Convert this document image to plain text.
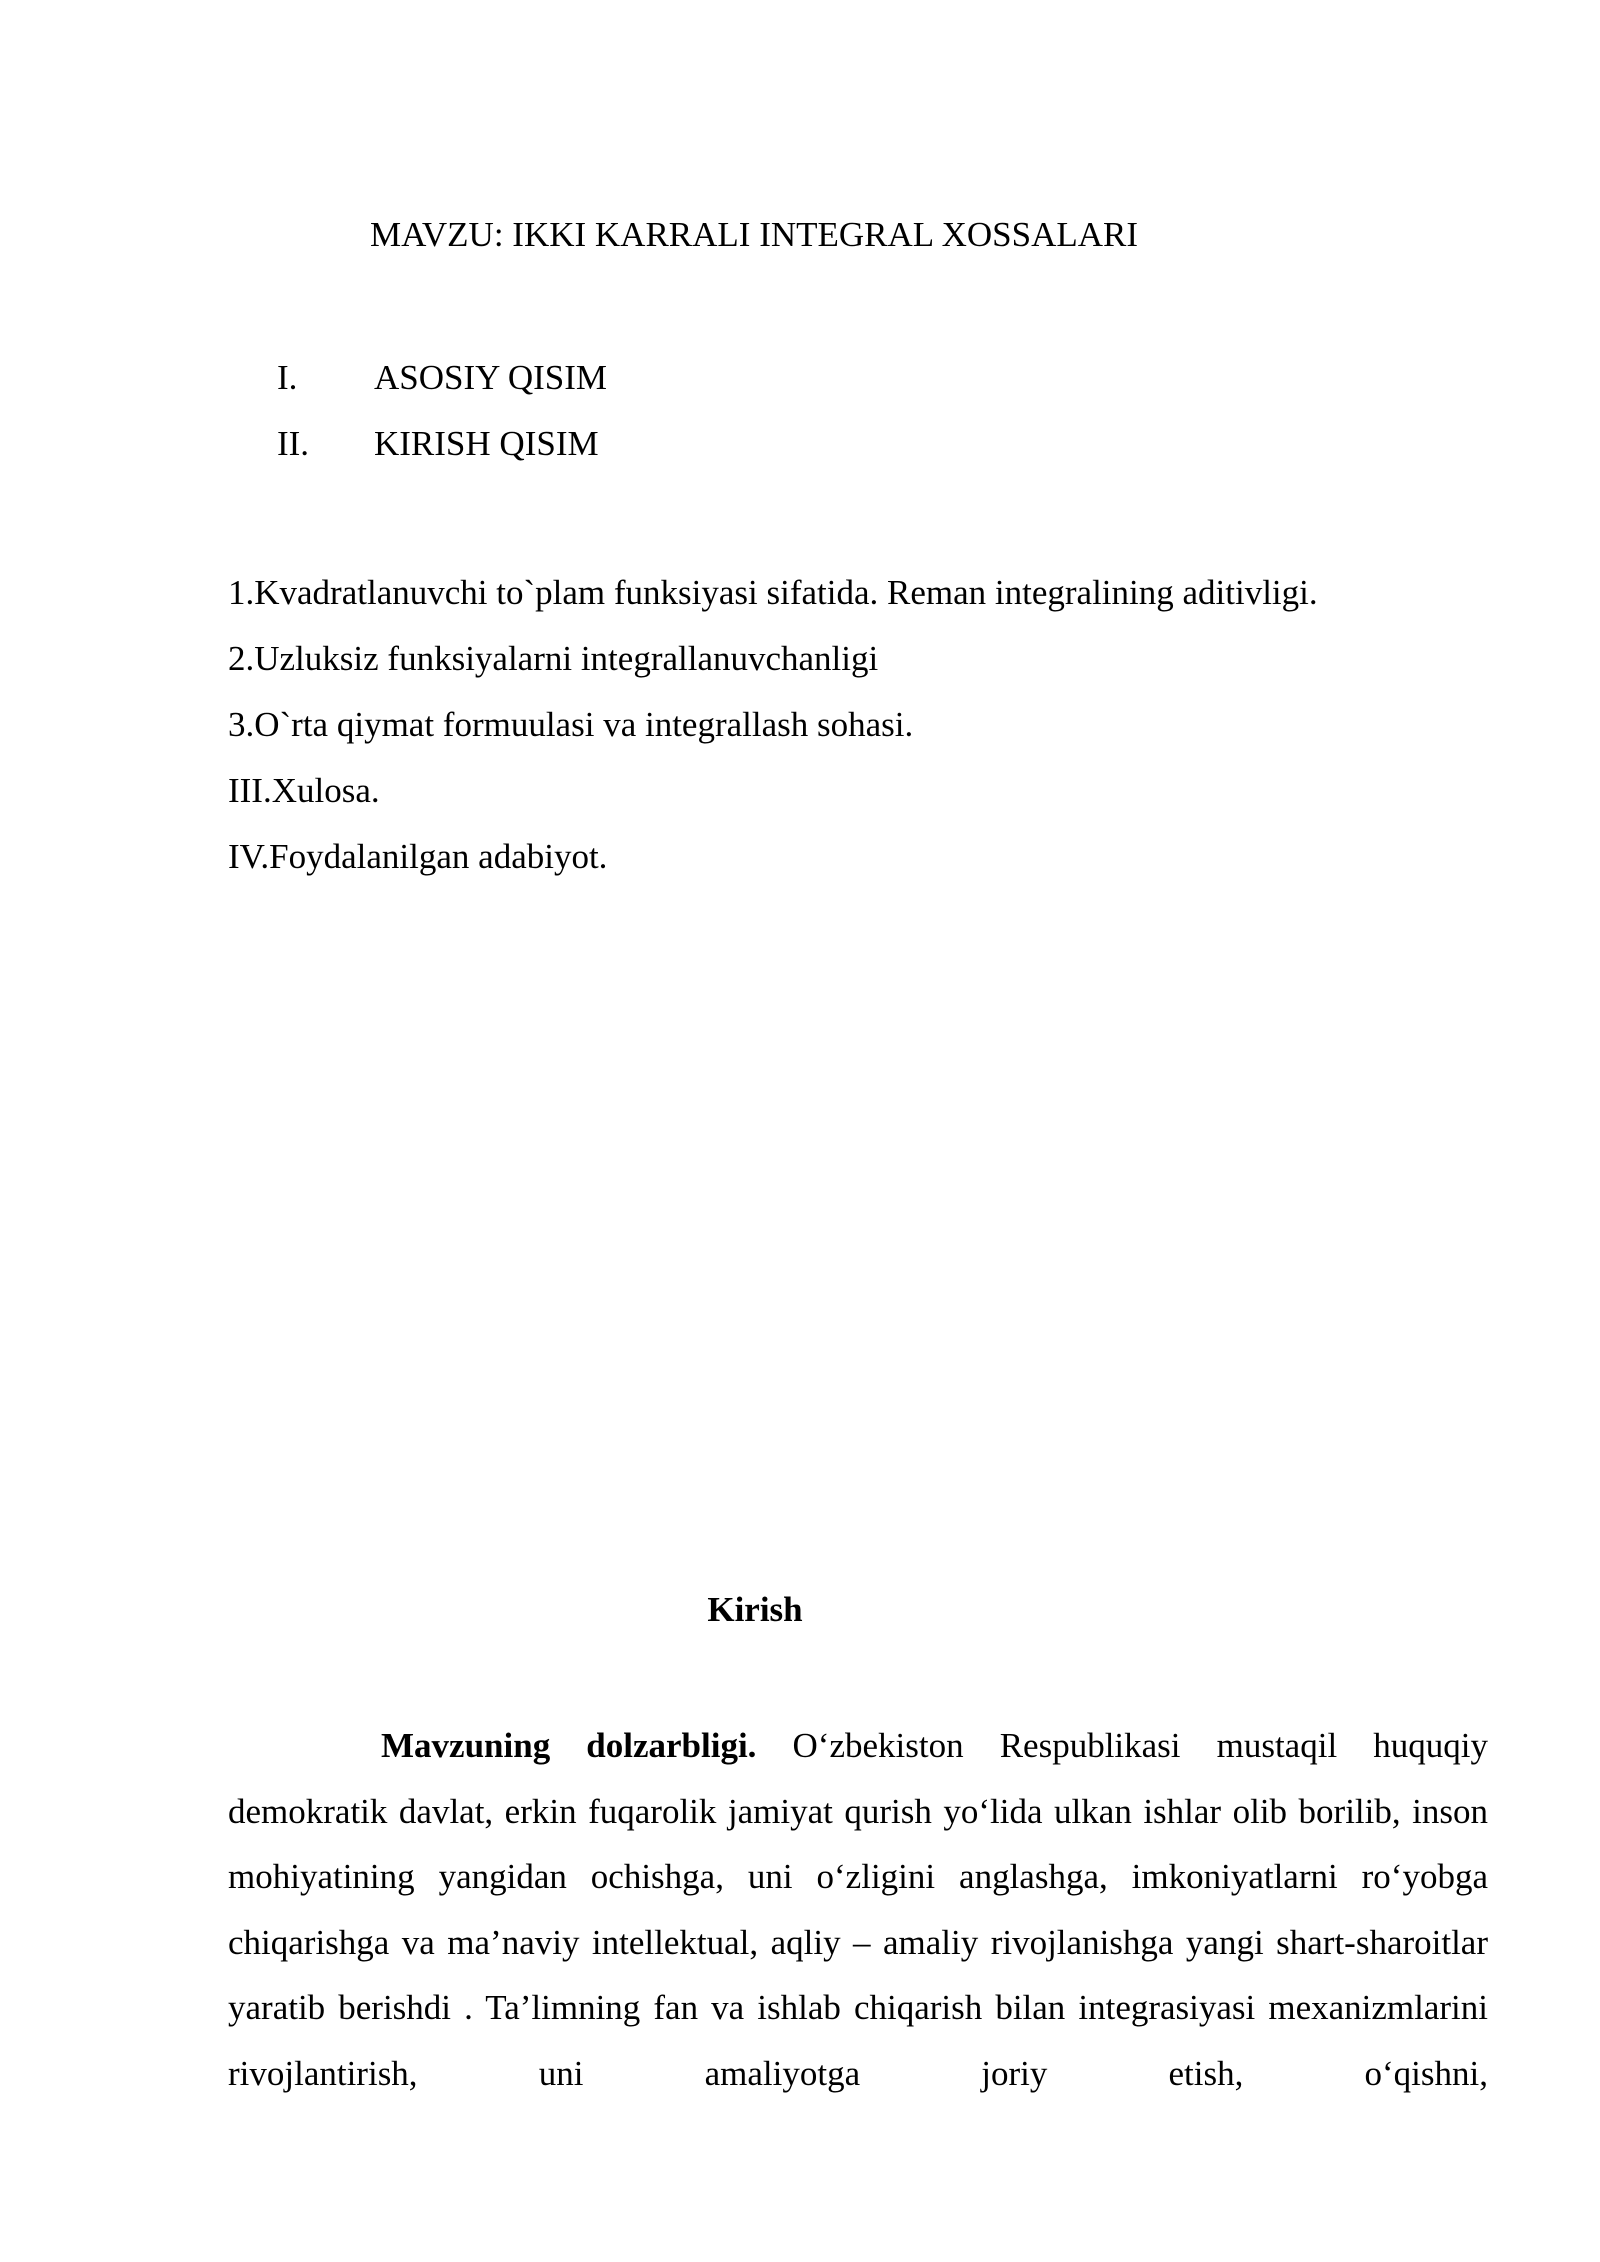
MAVZU: IKKI KARRALI INTEGRAL XOSSALARI
I.	ASOSIY QISIM
II.	KIRISH QISIM
1.Kvadratlanuvchi to`plam funksiyasi sifatida. Reman integralining aditivligi.
2.Uzluksiz funksiyalarni integrallanuvchanligi
3.O`rta qiymat formuulasi va integrallash sohasi.
III.Xulosa.
IV.Foydalanilgan adabiyot.
Kirish

Mavzuning dolzarbligi. O‘zbekiston Respublikasi mustaqil huquqiy demokratik davlat, erkin fuqarolik jamiyat qurish yo‘lida ulkan ishlar olib borilib, inson mohiyatining yangidan ochishga, uni o‘zligini anglashga, imkoniyatlarni ro‘yobga chiqarishga va ma’naviy intellektual, aqliy – amaliy rivojlanishga yangi shart-sharoitlar yaratib berishdi . Ta’limning fan va ishlab chiqarish bilan integrasiyasi mexanizmlarini rivojlantirish, uni amaliyotga joriy etish, o‘qishni,
